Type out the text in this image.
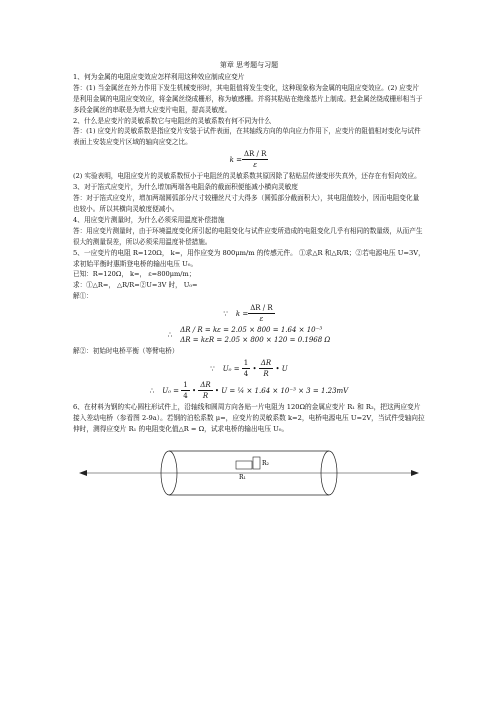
第章 思考题与习题

1、何为金属的电阻应变效应怎样利用这种效应制成应变片

答：(1) 当金属丝在外力作用下发生机械变形时，其电阻值将发生变化，这种现象称为金属的电阻应变效应。(2) 应变片是利用金属的电阻应变效应，将金属丝绕成栅形，称为敏感栅。并将其粘贴在绝缘基片上制成。把金属丝绕成栅形相当于多段金属丝的串联是为增大应变片电阻，提高灵敏度。

2、什么是应变片的灵敏系数它与电阻丝的灵敏系数有何不同为什么

答：(1) 应变片的灵敏系数是指应变片安装于试件表面，在其轴线方向的单向应力作用下，应变片的阻值相对变化与试件表面上安装应变片区域的轴向应变之比。

$k = \frac{\Delta R / R}{\varepsilon}$

(2) 实验表明，电阻应变片的灵敏系数恒小于电阻丝的灵敏系数其原因除了粘贴层传递变形失真外，还存在有恒向效应。

3、对于箔式应变片，为什么增加两端各电阻条的截面积便能减小横向灵敏度

答：对于箔式应变片，增加两端圆弧部分尺寸较栅丝尺寸大得多（圆弧部分截面积大），其电阻值较小，因而电阻变化量也较小。所以其横向灵敏度便减小。

4、用应变片测量时，为什么必须采用温度补偿措施

答：用应变片测量时，由于环境温度变化所引起的电阻变化与试件应变所造成的电阻变化几乎有相同的数量级，从而产生很大的测量误差，所以必须采用温度补偿措施。

5、一应变片的电阻 R=120Ω， k=，用作应变为 800μm/m 的传感元件。 ①求△R 和△R/R；②若电源电压 U=3V，求初始平衡时惠斯登电桥的输出电压 U₀。

已知：R=120Ω， k=， ε=800μm/m；

求：①△R=， △R/R=②U=3V 时， U₀=

解①：

∵ $k = \frac{\Delta R / R}{\varepsilon}$
∴
ΔR / R = kε = 2.05 × 800 = 1.64 × 10⁻³
ΔR = kεR = 2.05 × 800 × 120 = 0.1968 Ω

解②：初始时电桥平衡（等臂电桥）

∵ U₀ =
$\frac{1}{4}$
•
$\frac{\Delta R}{R}$
• U
∴ U₀ =
$\frac{1}{4}$
•
$\frac{\Delta R}{R}$
• U = ¼ × 1.64 × 10⁻³ × 3 = 1.23mV

6、在材料为钢的实心圆柱形试件上，沿轴线和圆周方向各贴一片电阻为 120Ω的金属应变片 R₁ 和 R₂，把这两应变片接入差动电桥（参看图 2-9a）。若钢的泊松系数 μ=，应变片的灵敏系数 k=2，电桥电源电压 U=2V，当试件受轴向拉伸时，测得应变片 R₁ 的电阻变化值△R = Ω，试求电桥的输出电压 U₀。

R₁
R₂
